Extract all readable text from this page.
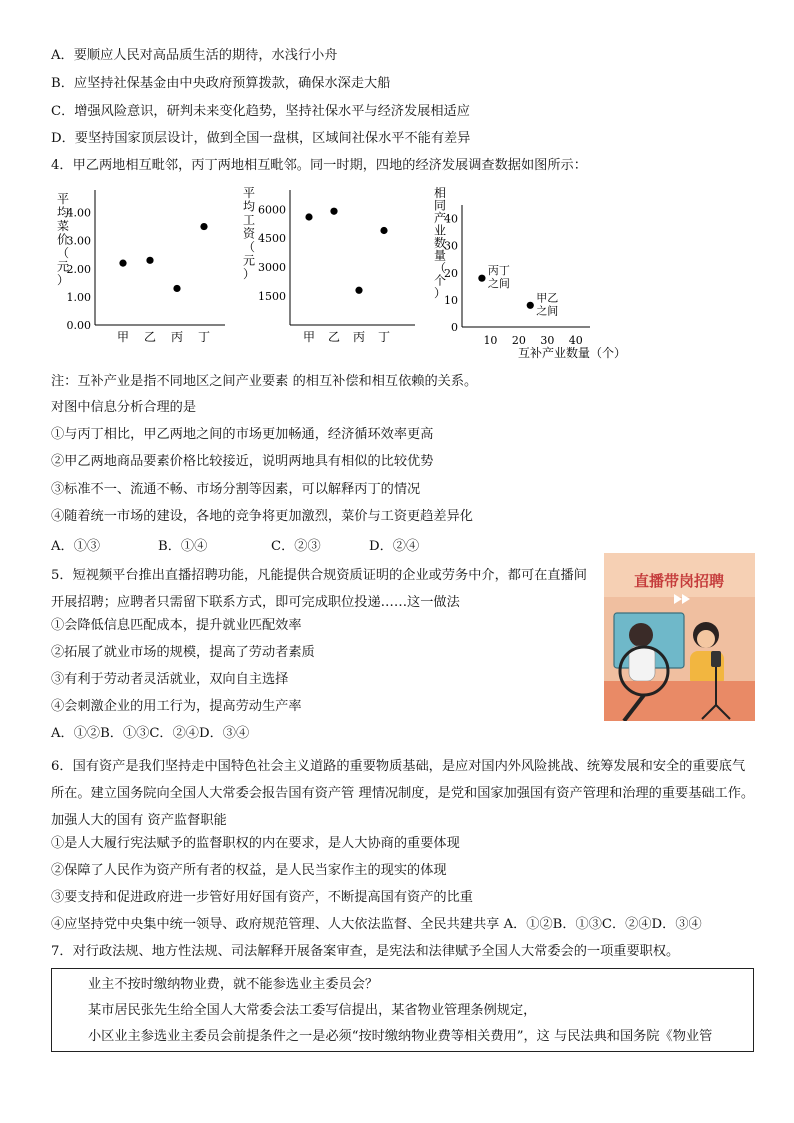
A．要顺应人民对高品质生活的期待，水浅行小舟
B．应坚持社保基金由中央政府预算拨款，确保水深走大船
C．增强风险意识，研判未来变化趋势，坚持社保水平与经济发展相适应
D．要坚持国家顶层设计，做到全国一盘棋，区域间社保水平不能有差异
4．甲乙两地相互毗邻，丙丁两地相互毗邻。同一时期，四地的经济发展调查数据如图所示：
平
均
菜
价
（
元
）
0.00
1.00
2.00
3.00
4.00
甲 乙 丙 丁
平
均
工
资
（
元
）
1500
3000
4500
6000
甲 乙 丙 丁
相
同
产
业
数
量
（
个
）
0
10
20
30
40
10 20 30 40
丙丁
之间
甲乙
之间
互补产业数量（个）
注：互补产业是指不同地区之间产业要素 的相互补偿和相互依赖的关系。
对图中信息分析合理的是
①与丙丁相比，甲乙两地之间的市场更加畅通，经济循环效率更高
②甲乙两地商品要素价格比较接近，说明两地具有相似的比较优势
③标准不一、流通不畅、市场分割等因素，可以解释丙丁的情况
④随着统一市场的建设，各地的竞争将更加激烈，菜价与工资更趋差异化
A．①③	B．①④	C．②③	D．②④
5．短视频平台推出直播招聘功能，凡能提供合规资质证明的企业或劳务中介，都可在直播间开展招聘；应聘者只需留下联系方式，即可完成职位投递……这一做法
①会降低信息匹配成本，提升就业匹配效率
②拓展了就业市场的规模，提高了劳动者素质
③有利于劳动者灵活就业，双向自主选择
④会刺激企业的用工行为，提高劳动生产率
A．①②B．①③C．②④D．③④
直播带岗招聘
6．国有资产是我们坚持走中国特色社会主义道路的重要物质基础，是应对国内外风险挑战、统筹发展和安全的重要底气所在。建立国务院向全国人大常委会报告国有资产管 理情况制度，是党和国家加强国有资产管理和治理的重要基础工作。加强人大的国有 资产监督职能
①是人大履行宪法赋予的监督职权的内在要求，是人大协商的重要体现
②保障了人民作为资产所有者的权益，是人民当家作主的现实的体现
③要支持和促进政府进一步管好用好国有资产，不断提高国有资产的比重
④应坚持党中央集中统一领导、政府规范管理、人大依法监督、全民共建共享 A．①②B．①③C．②④D．③④
7．对行政法规、地方性法规、司法解释开展备案审查，是宪法和法律赋予全国人大常委会的一项重要职权。
业主不按时缴纳物业费，就不能参选业主委员会？
某市居民张先生给全国人大常委会法工委写信提出，某省物业管理条例规定，
小区业主参选业主委员会前提条件之一是必须“按时缴纳物业费等相关费用”，这 与民法典和国务院《物业管
